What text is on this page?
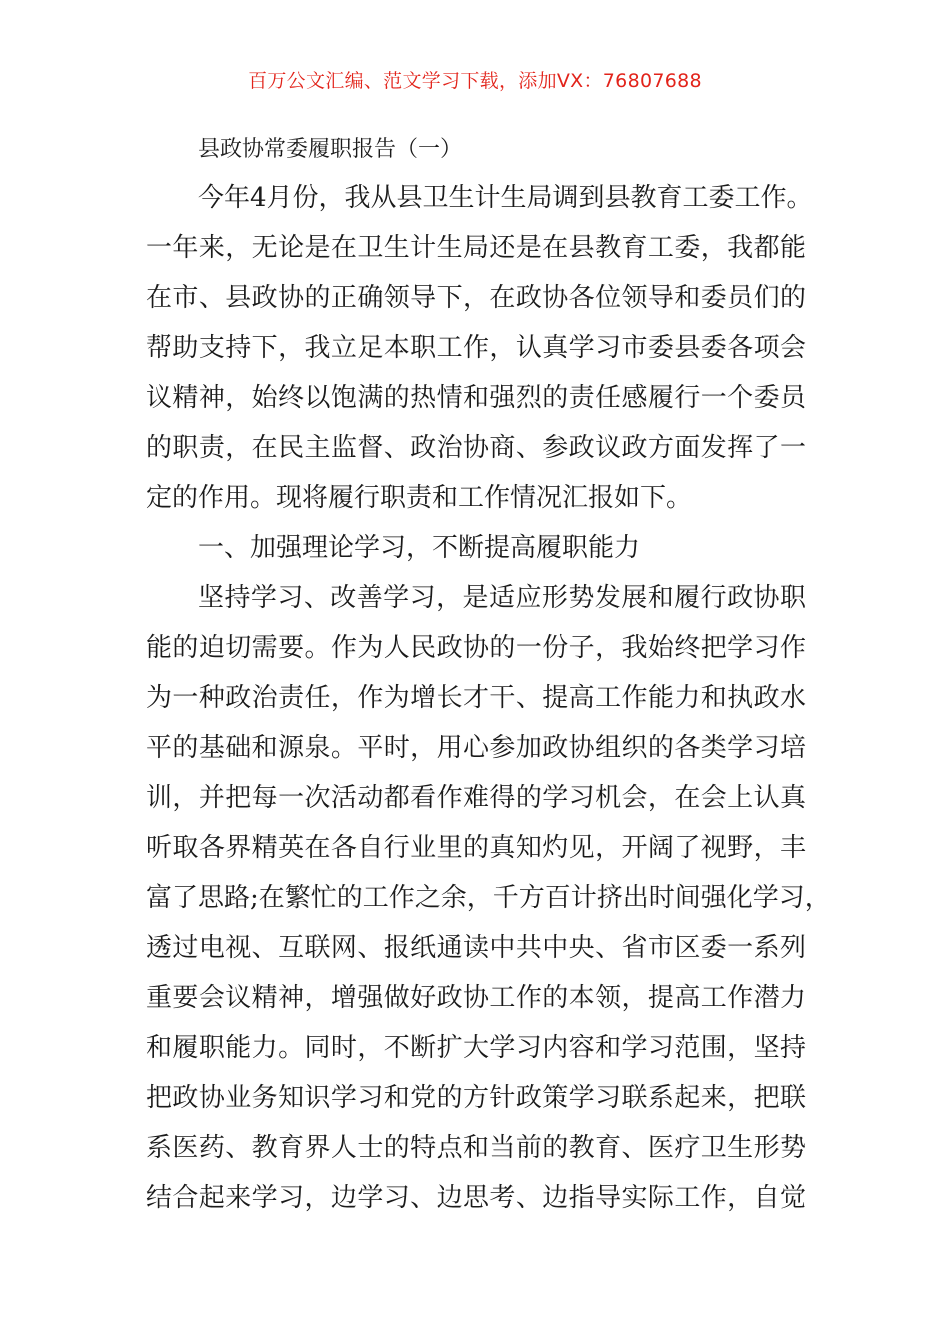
百万公文汇编、范文学习下载，添加VX：76807688

县政协常委履职报告（一）

今年4月份，我从县卫生计生局调到县教育工委工作。
一年来，无论是在卫生计生局还是在县教育工委，我都能
在市、县政协的正确领导下，在政协各位领导和委员们的
帮助支持下，我立足本职工作，认真学习市委县委各项会
议精神，始终以饱满的热情和强烈的责任感履行一个委员
的职责，在民主监督、政治协商、参政议政方面发挥了一
定的作用。现将履行职责和工作情况汇报如下。
一、加强理论学习，不断提高履职能力
坚持学习、改善学习，是适应形势发展和履行政协职
能的迫切需要。作为人民政协的一份子，我始终把学习作
为一种政治责任，作为增长才干、提高工作能力和执政水
平的基础和源泉。平时，用心参加政协组织的各类学习培
训，并把每一次活动都看作难得的学习机会，在会上认真
听取各界精英在各自行业里的真知灼见，开阔了视野，丰
富了思路;在繁忙的工作之余，千方百计挤出时间强化学习，
透过电视、互联网、报纸通读中共中央、省市区委一系列
重要会议精神，增强做好政协工作的本领，提高工作潜力
和履职能力。同时，不断扩大学习内容和学习范围，坚持
把政协业务知识学习和党的方针政策学习联系起来，把联
系医药、教育界人士的特点和当前的教育、医疗卫生形势
结合起来学习，边学习、边思考、边指导实际工作，自觉
